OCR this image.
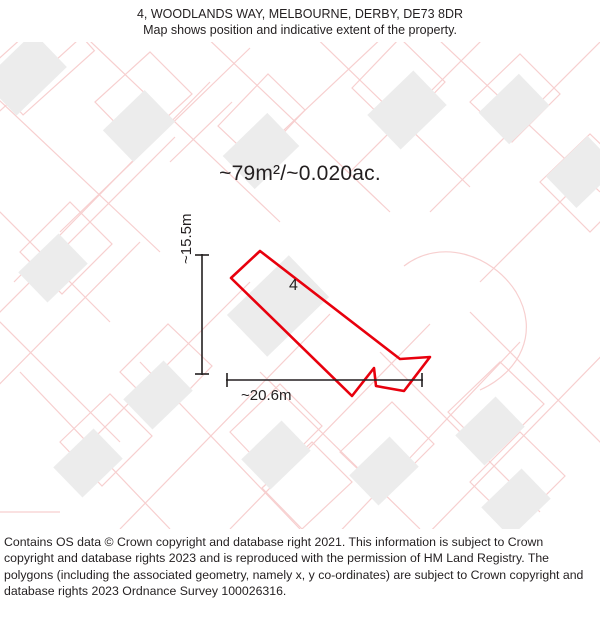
4, WOODLANDS WAY, MELBOURNE, DERBY, DE73 8DR
Map shows position and indicative extent of the property.
~79m²/~0.020ac.
4
~15.5m
~20.6m
Contains OS data © Crown copyright and database right 2021. This information is subject to Crown copyright and database rights 2023 and is reproduced with the permission of HM Land Registry. The polygons (including the associated geometry, namely x, y co-ordinates) are subject to Crown copyright and database rights 2023 Ordnance Survey 100026316.
